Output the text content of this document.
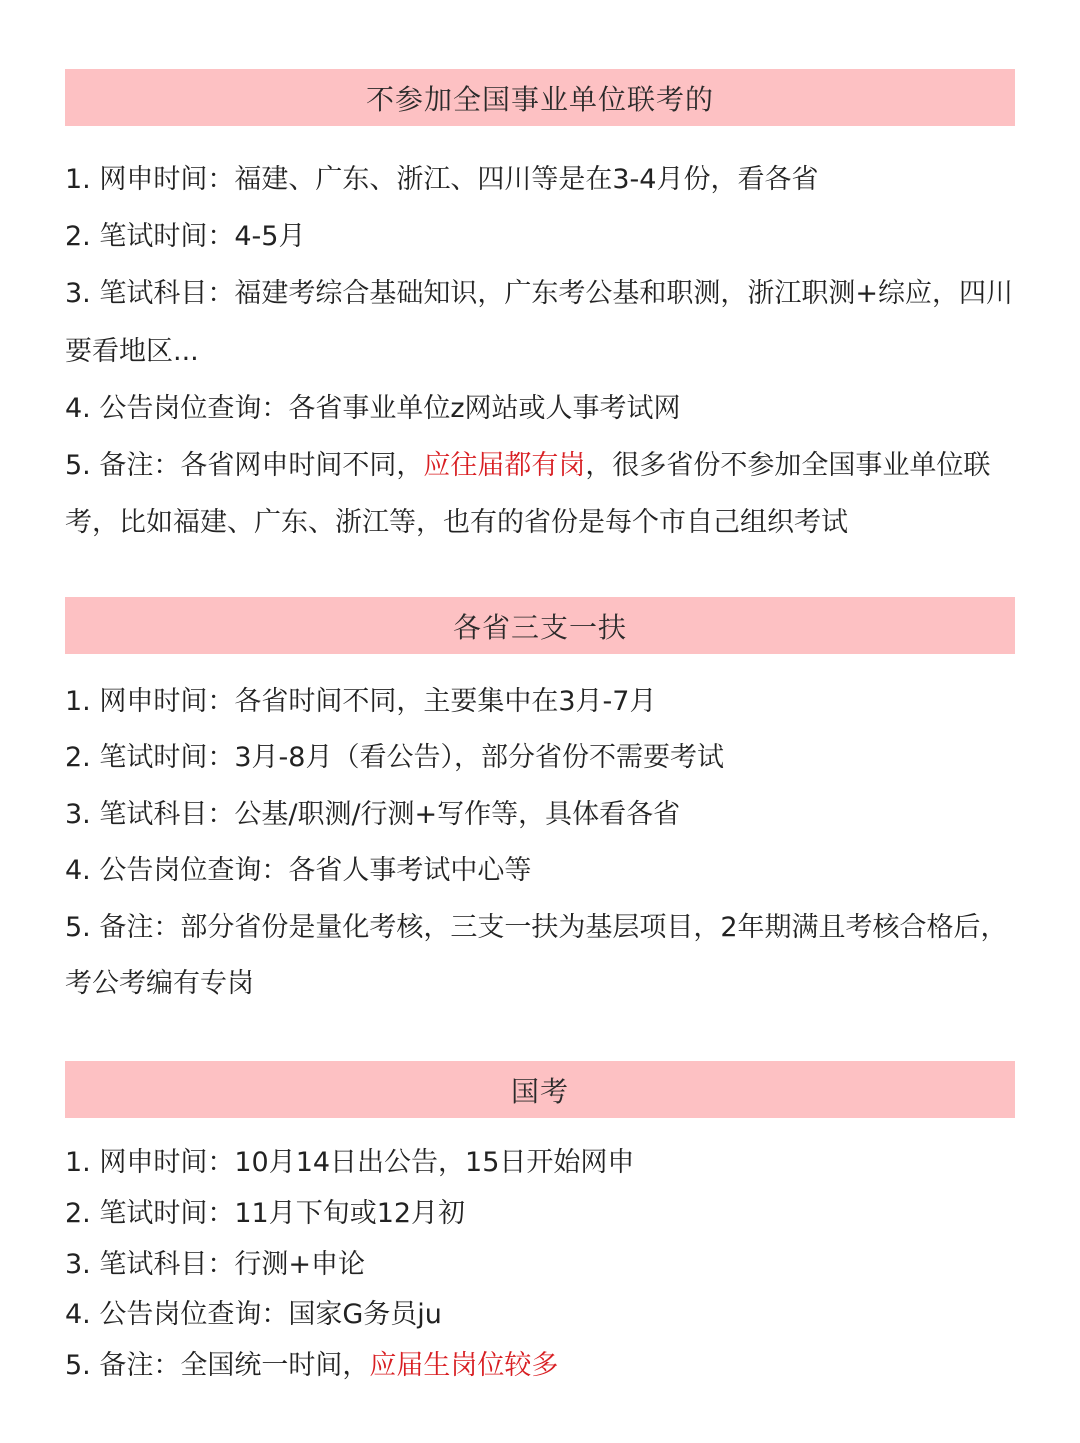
不参加全国事业单位联考的

1. 网申时间：福建、广东、浙江、四川等是在3-4月份，看各省

2. 笔试时间：4-5月

3. 笔试科目：福建考综合基础知识，广东考公基和职测，浙江职测+综应，四川要看地区...

4. 公告岗位查询：各省事业单位z网站或人事考试网

5. 备注：各省网申时间不同，应往届都有岗，很多省份不参加全国事业单位联考，比如福建、广东、浙江等，也有的省份是每个市自己组织考试

各省三支一扶

1. 网申时间：各省时间不同，主要集中在3月-7月

2. 笔试时间：3月-8月（看公告），部分省份不需要考试

3. 笔试科目：公基/职测/行测+写作等，具体看各省

4. 公告岗位查询：各省人事考试中心等

5. 备注：部分省份是量化考核，三支一扶为基层项目，2年期满且考核合格后，考公考编有专岗

国考

1. 网申时间：10月14日出公告，15日开始网申

2. 笔试时间：11月下旬或12月初

3. 笔试科目：行测+申论

4. 公告岗位查询：国家G务员ju

5. 备注：全国统一时间，应届生岗位较多
